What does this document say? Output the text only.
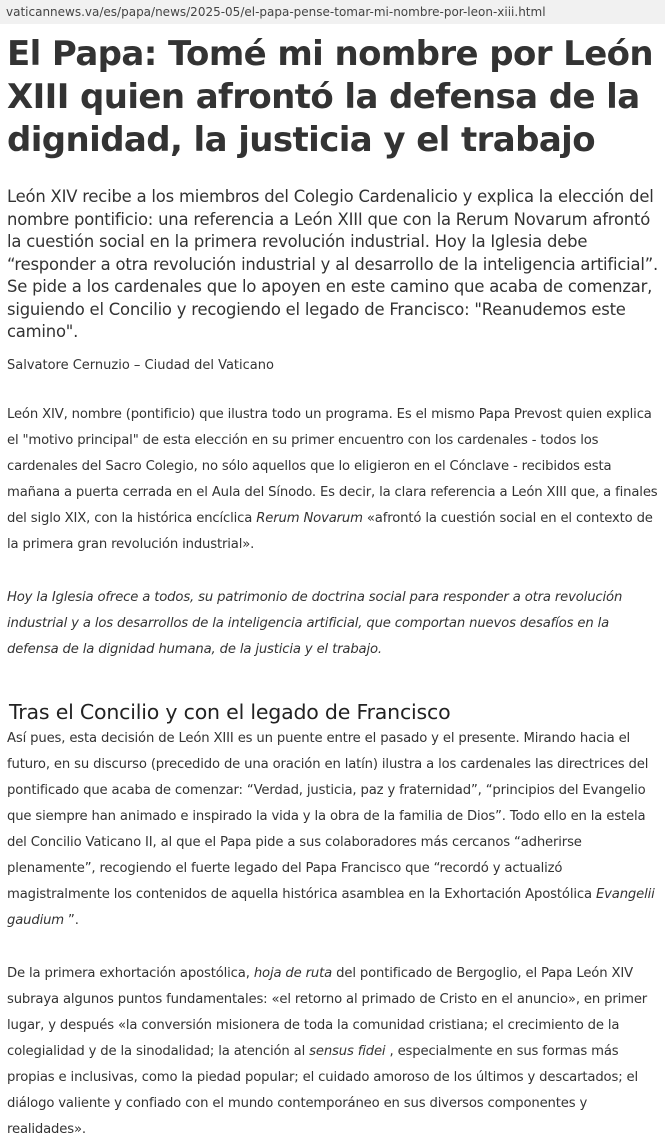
vaticannews.va/es/papa/news/2025-05/el-papa-pense-tomar-mi-nombre-por-leon-xiii.html
El Papa: Tomé mi nombre por León XIII quien afrontó la defensa de la dignidad, la justicia y el trabajo

León XIV recibe a los miembros del Colegio Cardenalicio y explica la elección del nombre pontificio: una referencia a León XIII que con la Rerum Novarum afrontó la cuestión social en la primera revolución industrial. Hoy la Iglesia debe “responder a otra revolución industrial y al desarrollo de la inteligencia artificial”. Se pide a los cardenales que lo apoyen en este camino que acaba de comenzar, siguiendo el Concilio y recogiendo el legado de Francisco: "Reanudemos este camino".

Salvatore Cernuzio – Ciudad del Vaticano

León XIV, nombre (pontificio) que ilustra todo un programa. Es el mismo Papa Prevost quien explica el "motivo principal" de esta elección en su primer encuentro con los cardenales - todos los cardenales del Sacro Colegio, no sólo aquellos que lo eligieron en el Cónclave - recibidos esta mañana a puerta cerrada en el Aula del Sínodo. Es decir, la clara referencia a León XIII que, a finales del siglo XIX, con la histórica encíclica Rerum Novarum «afrontó la cuestión social en el contexto de la primera gran revolución industrial».

Hoy la Iglesia ofrece a todos, su patrimonio de doctrina social para responder a otra revolución industrial y a los desarrollos de la inteligencia artificial, que comportan nuevos desafíos en la defensa de la dignidad humana, de la justicia y el trabajo.

Tras el Concilio y con el legado de Francisco

Así pues, esta decisión de León XIII es un puente entre el pasado y el presente. Mirando hacia el futuro, en su discurso (precedido de una oración en latín) ilustra a los cardenales las directrices del pontificado que acaba de comenzar: “Verdad, justicia, paz y fraternidad”, “principios del Evangelio que siempre han animado e inspirado la vida y la obra de la familia de Dios”. Todo ello en la estela del Concilio Vaticano II, al que el Papa pide a sus colaboradores más cercanos “adherirse plenamente”, recogiendo el fuerte legado del Papa Francisco que “recordó y actualizó magistralmente los contenidos de aquella histórica asamblea en la Exhortación Apostólica Evangelii gaudium ”.

De la primera exhortación apostólica, hoja de ruta del pontificado de Bergoglio, el Papa León XIV subraya algunos puntos fundamentales: «el retorno al primado de Cristo en el anuncio», en primer lugar, y después «la conversión misionera de toda la comunidad cristiana; el crecimiento de la colegialidad y de la sinodalidad; la atención al sensus fidei , especialmente en sus formas más propias e inclusivas, como la piedad popular; el cuidado amoroso de los últimos y descartados; el diálogo valiente y confiado con el mundo contemporáneo en sus diversos componentes y realidades».
